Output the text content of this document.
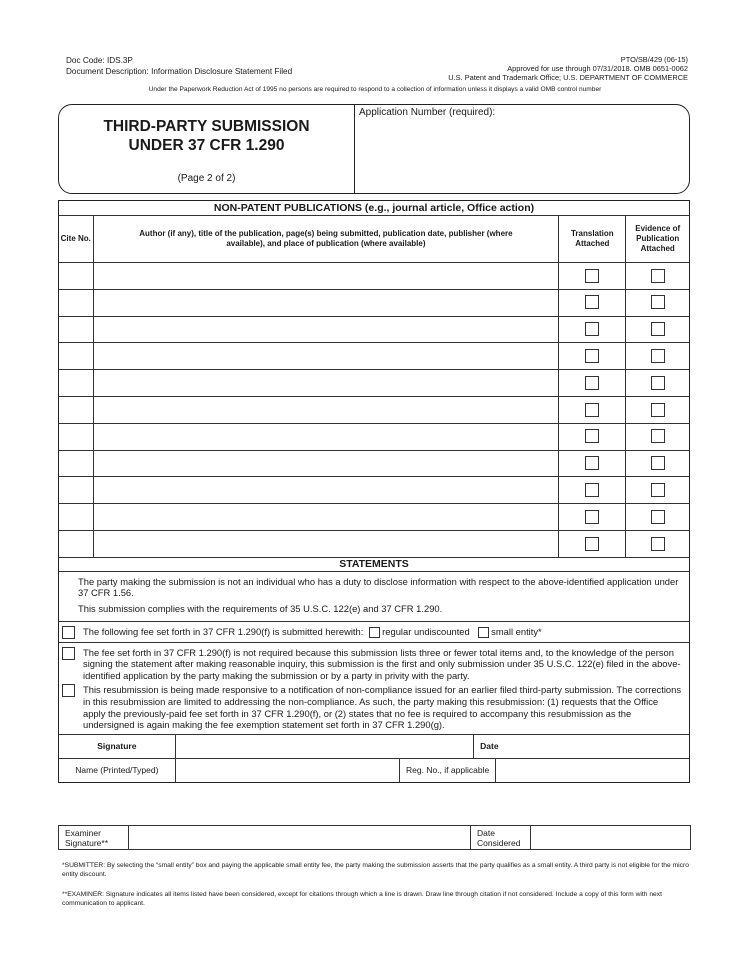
Doc Code: IDS.3P
Document Description: Information Disclosure Statement Filed
PTO/SB/429 (06-15)
Approved for use through 07/31/2018. OMB 0651-0062
U.S. Patent and Trademark Office; U.S. DEPARTMENT OF COMMERCE
Under the Paperwork Reduction Act of 1995 no persons are required to respond to a collection of information unless it displays a valid OMB control number
THIRD-PARTY SUBMISSION
UNDER 37 CFR 1.290
(Page 2 of 2)
Application Number (required):
NON-PATENT PUBLICATIONS (e.g., journal article, Office action)
Cite No.	Author (if any), title of the publication, page(s) being submitted, publication date, publisher (where available), and place of publication (where available)	Translation Attached	Evidence of Publication Attached

STATEMENTS
The party making the submission is not an individual who has a duty to disclose information with respect to the above-identified application under 37 CFR 1.56.
This submission complies with the requirements of 35 U.S.C. 122(e) and 37 CFR 1.290.
The following fee set forth in 37 CFR 1.290(f) is submitted herewith: regular undiscounted small entity*
The fee set forth in 37 CFR 1.290(f) is not required because this submission lists three or fewer total items and, to the knowledge of the person signing the statement after making reasonable inquiry, this submission is the first and only submission under 35 U.S.C. 122(e) filed in the above-identified application by the party making the submission or by a party in privity with the party.
This resubmission is being made responsive to a notification of non-compliance issued for an earlier filed third-party submission. The corrections in this resubmission are limited to addressing the non-compliance. As such, the party making this resubmission: (1) requests that the Office apply the previously-paid fee set forth in 37 CFR 1.290(f), or (2) states that no fee is required to accompany this resubmission as the undersigned is again making the fee exemption statement set forth in 37 CFR 1.290(g).
Signature			Date	
Name (Printed/Typed)		Reg. No., if applicable		
Examiner Signature**		Date Considered	
*SUBMITTER: By selecting the “small entity” box and paying the applicable small entity fee, the party making the submission asserts that the party qualifies as a small entity. A third party is not eligible for the micro entity discount.
**EXAMINER: Signature indicates all items listed have been considered, except for citations through which a line is drawn. Draw line through citation if not considered. Include a copy of this form with next communication to applicant.
